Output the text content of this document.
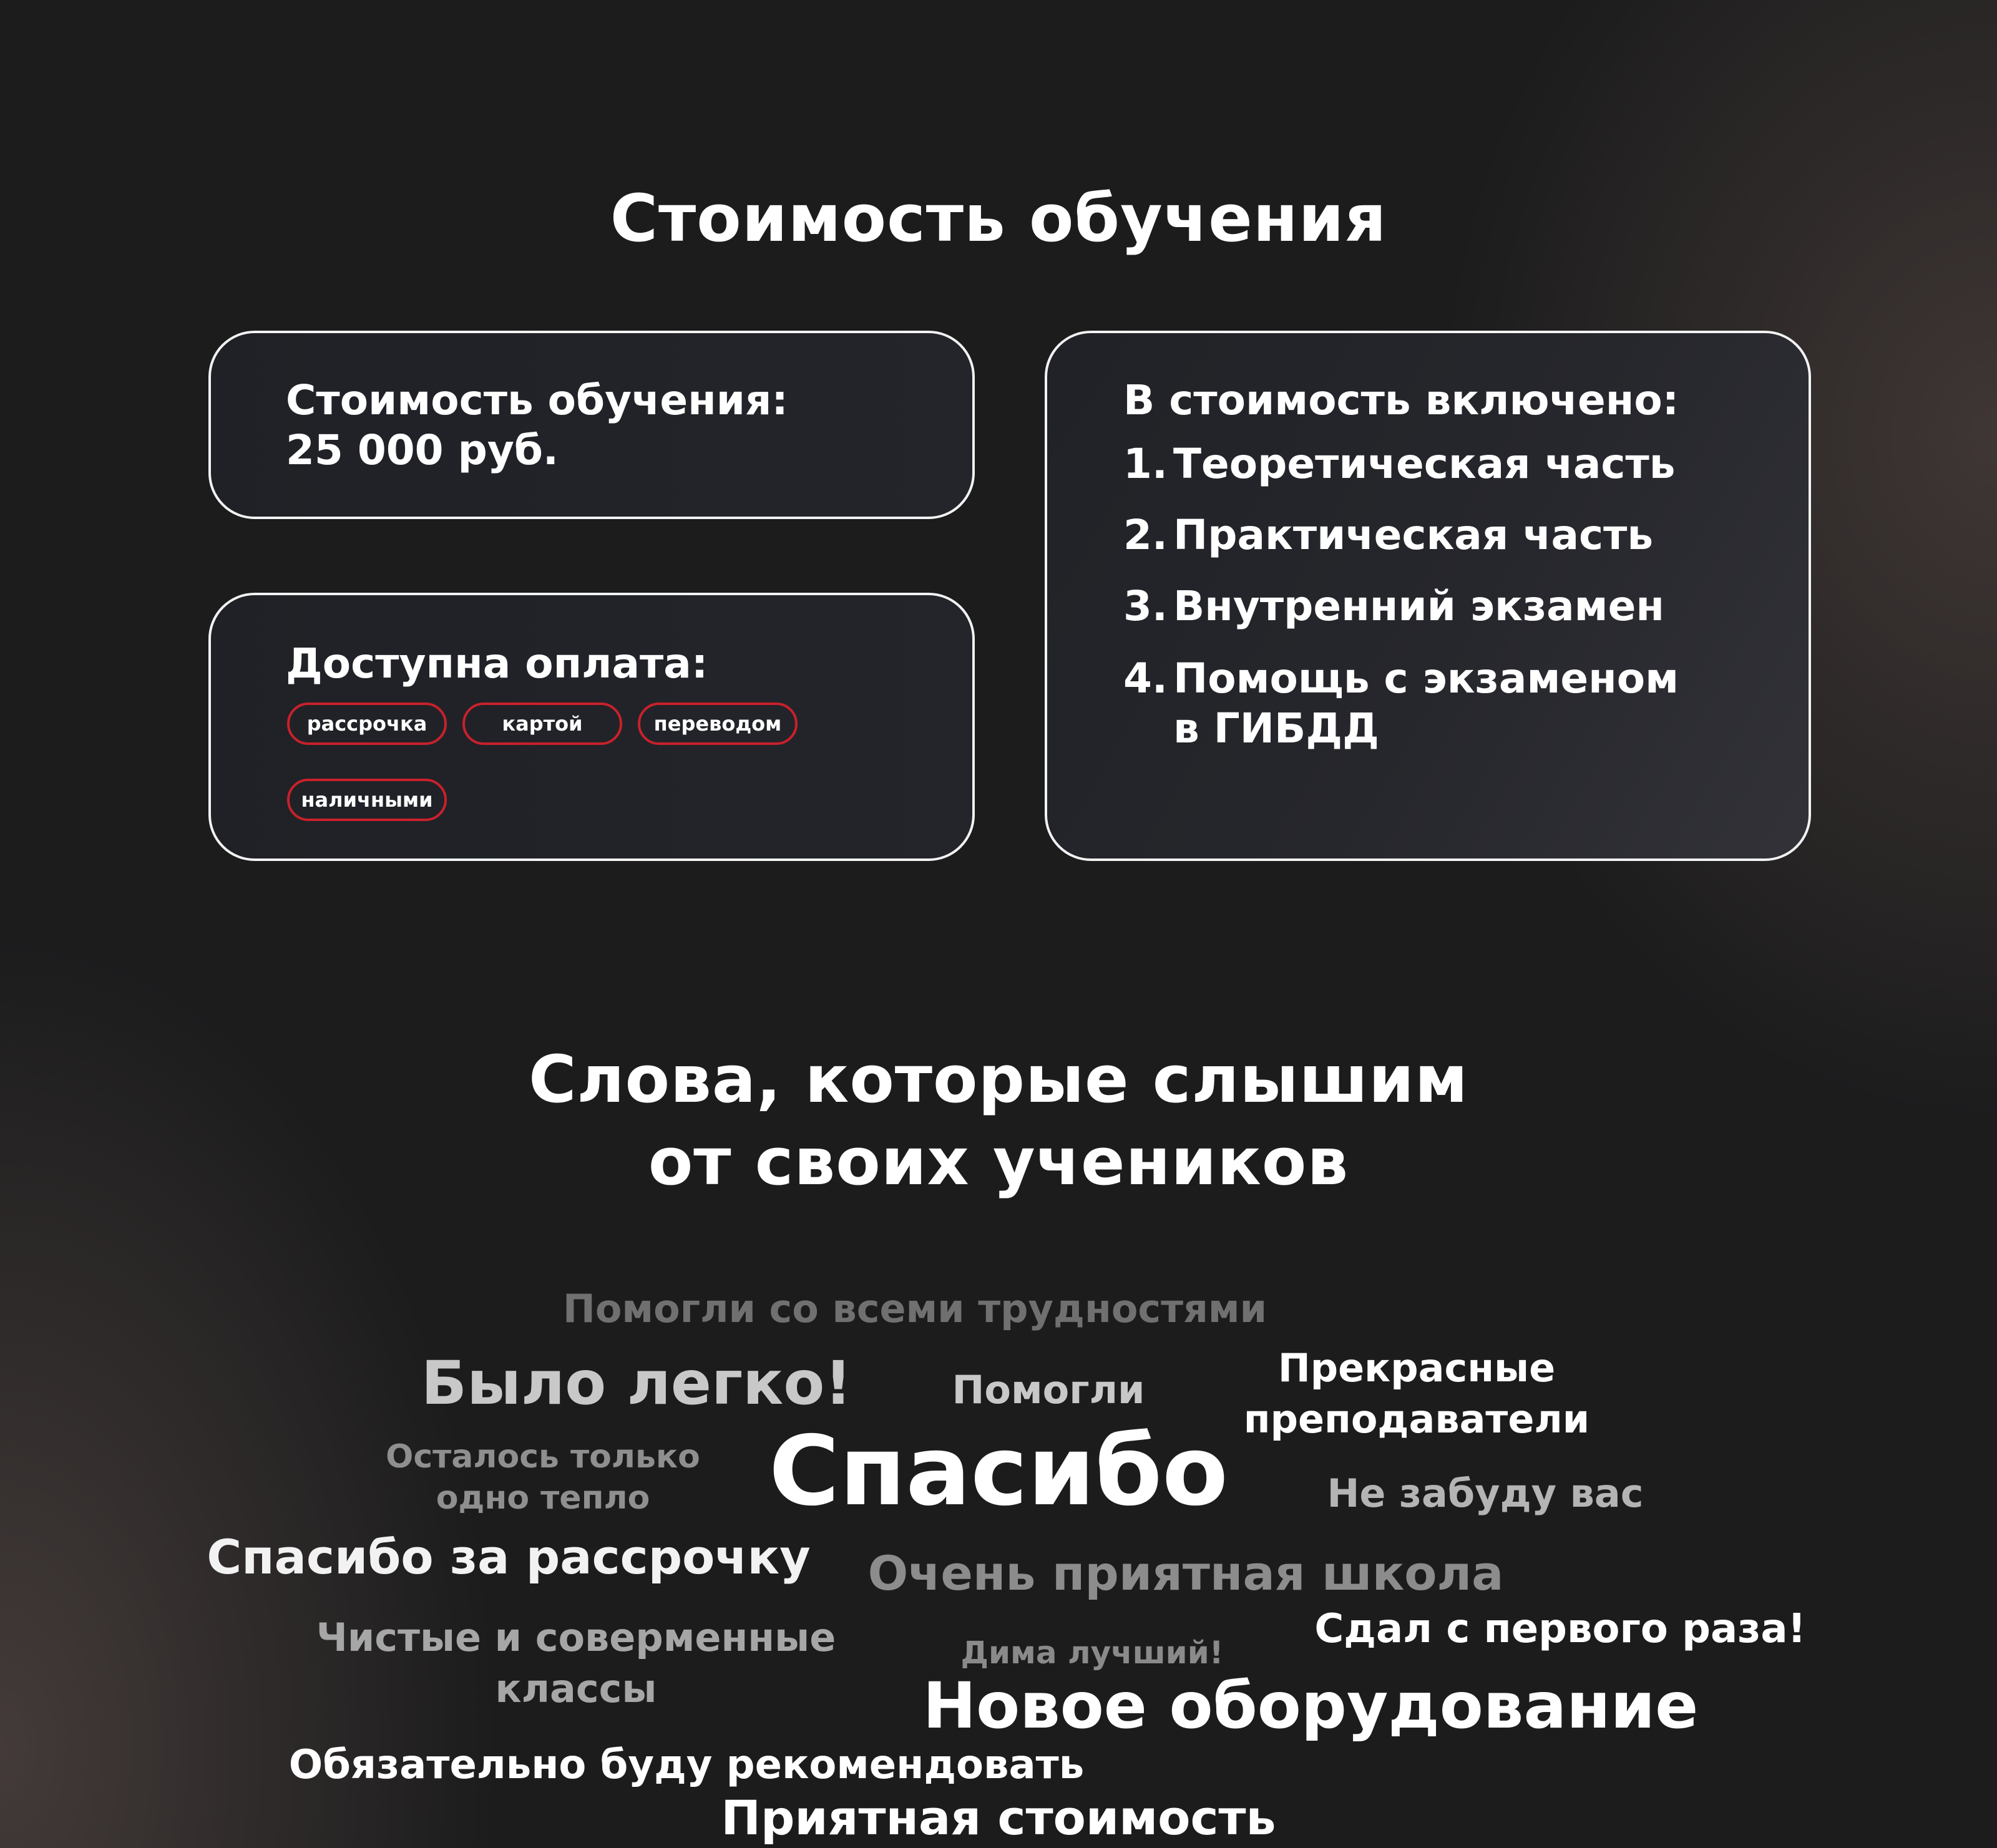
Стоимость обучения
Стоимость обучения:
25 000 руб.
Доступна оплата:
рассрочка	картой	переводом
наличными
В стоимость включено:
1. Теоретическая часть
2. Практическая часть
3. Внутренний экзамен
4. Помощь с экзаменом
в ГИБДД
Слова, которые слышим
от своих учеников
Помогли со всеми трудностями
Было легко!	Помогли	Прекрасные
преподаватели
Осталось только
одно тепло	Спасибо	Не забуду вас
Спасибо за рассрочку	Очень приятная школа
Чистые и соверменные
классы
Дима лучший!
Сдал с первого раза!
Новое оборудование
Обязательно буду рекомендовать
Приятная стоимость
